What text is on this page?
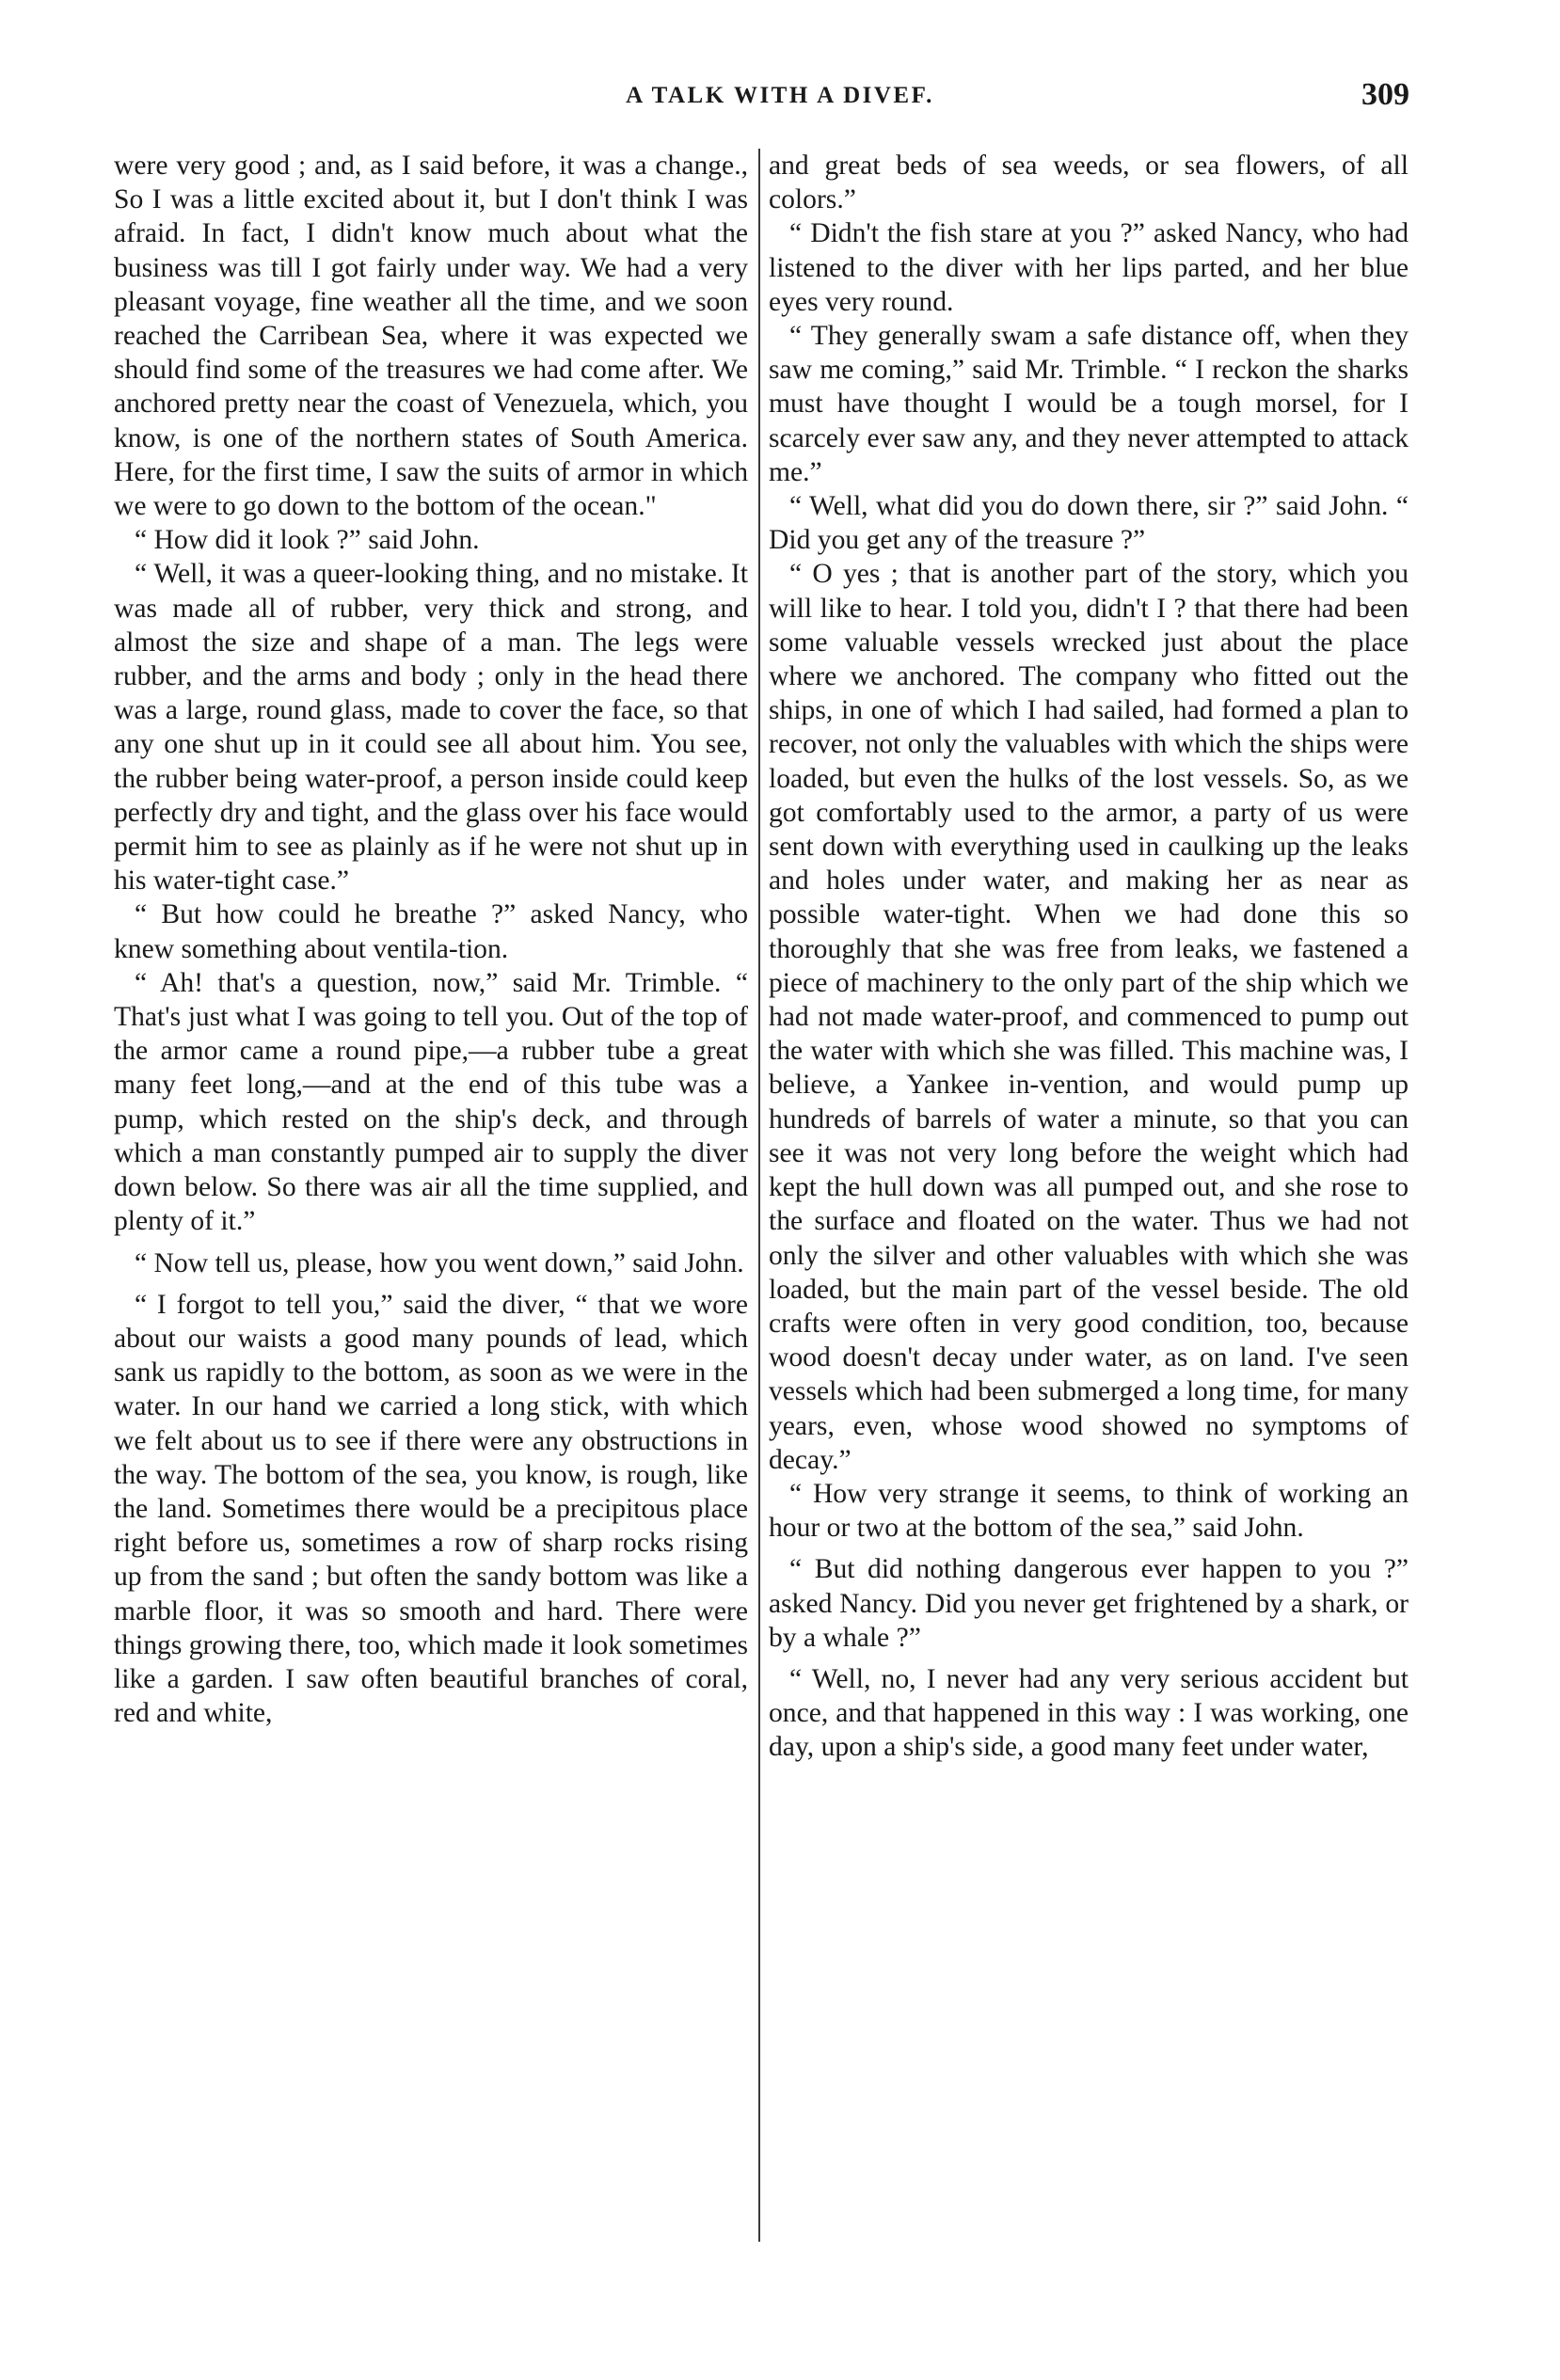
A TALK WITH A DIVEF.	309

were very good ; and, as I said before, it was a change., So I was a little excited about it, but I don't think I was afraid. In fact, I didn't know much about what the business was till I got fairly under way. We had a very pleasant voyage, fine weather all the time, and we soon reached the Carribean Sea, where it was expected we should find some of the treasures we had come after. We anchored pretty near the coast of Venezuela, which, you know, is one of the northern states of South America. Here, for the first time, I saw the suits of armor in which we were to go down to the bottom of the ocean."

“ How did it look ?” said John.

“ Well, it was a queer-looking thing, and no mistake. It was made all of rubber, very thick and strong, and almost the size and shape of a man. The legs were rubber, and the arms and body ; only in the head there was a large, round glass, made to cover the face, so that any one shut up in it could see all about him. You see, the rubber being water-proof, a person inside could keep perfectly dry and tight, and the glass over his face would permit him to see as plainly as if he were not shut up in his water-tight case.”

“ But how could he breathe ?” asked Nancy, who knew something about ventila-tion.

“ Ah! that's a question, now,” said Mr. Trimble. “ That's just what I was going to tell you. Out of the top of the armor came a round pipe,—a rubber tube a great many feet long,—and at the end of this tube was a pump, which rested on the ship's deck, and through which a man constantly pumped air to supply the diver down below. So there was air all the time supplied, and plenty of it.”

“ Now tell us, please, how you went down,” said John.

“ I forgot to tell you,” said the diver, “ that we wore about our waists a good many pounds of lead, which sank us rapidly to the bottom, as soon as we were in the water. In our hand we carried a long stick, with which we felt about us to see if there were any obstructions in the way. The bottom of the sea, you know, is rough, like the land. Sometimes there would be a precipitous place right before us, sometimes a row of sharp rocks rising up from the sand ; but often the sandy bottom was like a marble floor, it was so smooth and hard. There were things growing there, too, which made it look sometimes like a garden. I saw often beautiful branches of coral, red and white,

and great beds of sea weeds, or sea flowers, of all colors.”

“ Didn't the fish stare at you ?” asked Nancy, who had listened to the diver with her lips parted, and her blue eyes very round.

“ They generally swam a safe distance off, when they saw me coming,” said Mr. Trimble. “ I reckon the sharks must have thought I would be a tough morsel, for I scarcely ever saw any, and they never attempted to attack me.”

“ Well, what did you do down there, sir ?” said John. “ Did you get any of the treasure ?”

“ O yes ; that is another part of the story, which you will like to hear. I told you, didn't I ? that there had been some valuable vessels wrecked just about the place where we anchored. The company who fitted out the ships, in one of which I had sailed, had formed a plan to recover, not only the valuables with which the ships were loaded, but even the hulks of the lost vessels. So, as we got comfortably used to the armor, a party of us were sent down with everything used in caulking up the leaks and holes under water, and making her as near as possible water-tight. When we had done this so thoroughly that she was free from leaks, we fastened a piece of machinery to the only part of the ship which we had not made water-proof, and commenced to pump out the water with which she was filled. This machine was, I believe, a Yankee in-vention, and would pump up hundreds of barrels of water a minute, so that you can see it was not very long before the weight which had kept the hull down was all pumped out, and she rose to the surface and floated on the water. Thus we had not only the silver and other valuables with which she was loaded, but the main part of the vessel beside. The old crafts were often in very good condition, too, because wood doesn't decay under water, as on land. I've seen vessels which had been submerged a long time, for many years, even, whose wood showed no symptoms of decay.”

“ How very strange it seems, to think of working an hour or two at the bottom of the sea,” said John.

“ But did nothing dangerous ever happen to you ?” asked Nancy. Did you never get frightened by a shark, or by a whale ?”

“ Well, no, I never had any very serious accident but once, and that happened in this way : I was working, one day, upon a ship's side, a good many feet under water,
